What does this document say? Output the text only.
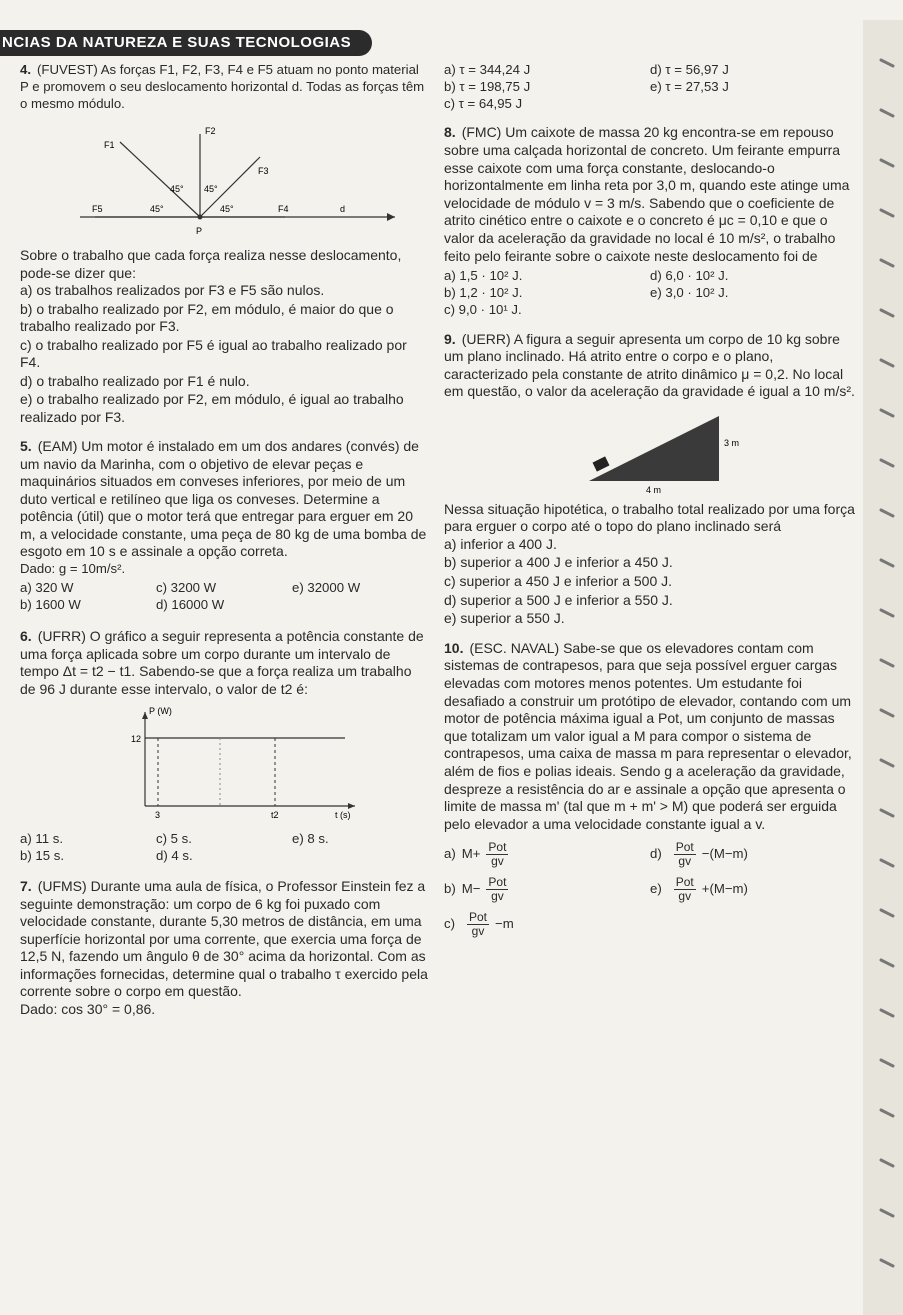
NCIAS DA NATUREZA E SUAS TECNOLOGIAS

4. (FUVEST) As forças F1, F2, F3, F4 e F5 atuam no ponto material P e promovem o seu deslocamento horizontal d. Todas as forças têm o mesmo módulo.

F2
F1
F3
F5	F4
45° 45°
45°	45°
P
d

Sobre o trabalho que cada força realiza nesse deslocamento, pode-se dizer que:

a) os trabalhos realizados por F3 e F5 são nulos.

b) o trabalho realizado por F2, em módulo, é maior do que o trabalho realizado por F3.

c) o trabalho realizado por F5 é igual ao trabalho realizado por F4.

d) o trabalho realizado por F1 é nulo.

e) o trabalho realizado por F2, em módulo, é igual ao trabalho realizado por F3.

5. (EAM) Um motor é instalado em um dos andares (convés) de um navio da Marinha, com o objetivo de elevar peças e maquinários situados em conveses inferiores, por meio de um duto vertical e retilíneo que liga os conveses. Determine a potência (útil) que o motor terá que entregar para erguer em 20 m, a velocidade constante, uma peça de 80 kg de uma bomba de esgoto em 10 s e assinale a opção correta.

Dado: g = 10m/s².

a) 320 W	c) 3200 W	e) 32000 W
b) 1600 W	d) 16000 W

6. (UFRR) O gráfico a seguir representa a potência constante de uma força aplicada sobre um corpo durante um intervalo de tempo Δt = t2 − t1. Sabendo-se que a força realiza um trabalho de 96 J durante esse intervalo, o valor de t2 é:

P (W)
t (s)
12
3	t2
a) 11 s.	c) 5 s.	e) 8 s.
b) 15 s.	d) 4 s.

7. (UFMS) Durante uma aula de física, o Professor Einstein fez a seguinte demonstração: um corpo de 6 kg foi puxado com velocidade constante, durante 5,30 metros de distância, em uma superfície horizontal por uma corrente, que exercia uma força de 12,5 N, fazendo um ângulo θ de 30° acima da horizontal. Com as informações fornecidas, determine qual o trabalho τ exercido pela corrente sobre o corpo em questão.

Dado: cos 30° = 0,86.

a) τ = 344,24 J	d) τ = 56,97 J
b) τ = 198,75 J	e) τ = 27,53 J
c) τ = 64,95 J

8. (FMC) Um caixote de massa 20 kg encontra-se em repouso sobre uma calçada horizontal de concreto. Um feirante empurra esse caixote com uma força constante, deslocando-o horizontalmente em linha reta por 3,0 m, quando este atinge uma velocidade de módulo v = 3 m/s. Sabendo que o coeficiente de atrito cinético entre o caixote e o concreto é μc = 0,10 e que o valor da aceleração da gravidade no local é 10 m/s², o trabalho feito pelo feirante sobre o caixote neste deslocamento foi de

a) 1,5 · 10² J.	d) 6,0 · 10² J.
b) 1,2 · 10² J.	e) 3,0 · 10² J.
c) 9,0 · 10¹ J.

9. (UERR) A figura a seguir apresenta um corpo de 10 kg sobre um plano inclinado. Há atrito entre o corpo e o plano, caracterizado pela constante de atrito dinâmico μ = 0,2. No local em questão, o valor da aceleração da gravidade é igual a 10 m/s².

3 m
4 m

Nessa situação hipotética, o trabalho total realizado por uma força para erguer o corpo até o topo do plano inclinado será

a) inferior a 400 J.

b) superior a 400 J e inferior a 450 J.

c) superior a 450 J e inferior a 500 J.

d) superior a 500 J e inferior a 550 J.

e) superior a 550 J.

10. (ESC. NAVAL) Sabe-se que os elevadores contam com sistemas de contrapesos, para que seja possível erguer cargas elevadas com motores menos potentes. Um estudante foi desafiado a construir um protótipo de elevador, contando com um motor de potência máxima igual a Pot, um conjunto de massas que totalizam um valor igual a M para compor o sistema de contrapesos, uma caixa de massa m para representar o elevador, além de fios e polias ideais. Sendo g a aceleração da gravidade, despreze a resistência do ar e assinale a opção que apresenta o limite de massa m' (tal que m + m' > M) que poderá ser erguida pelo elevador a uma velocidade constante igual a v.

a) $M+ \frac{\text{Pot}}{gv}$	$d) \frac{\text{Pot}}{gv} -(M-m)$
b) $M- \frac{\text{Pot}}{gv}$	$e) \frac{\text{Pot}}{gv} +(M-m)$
$c) \frac{\text{Pot}}{gv} -m$
